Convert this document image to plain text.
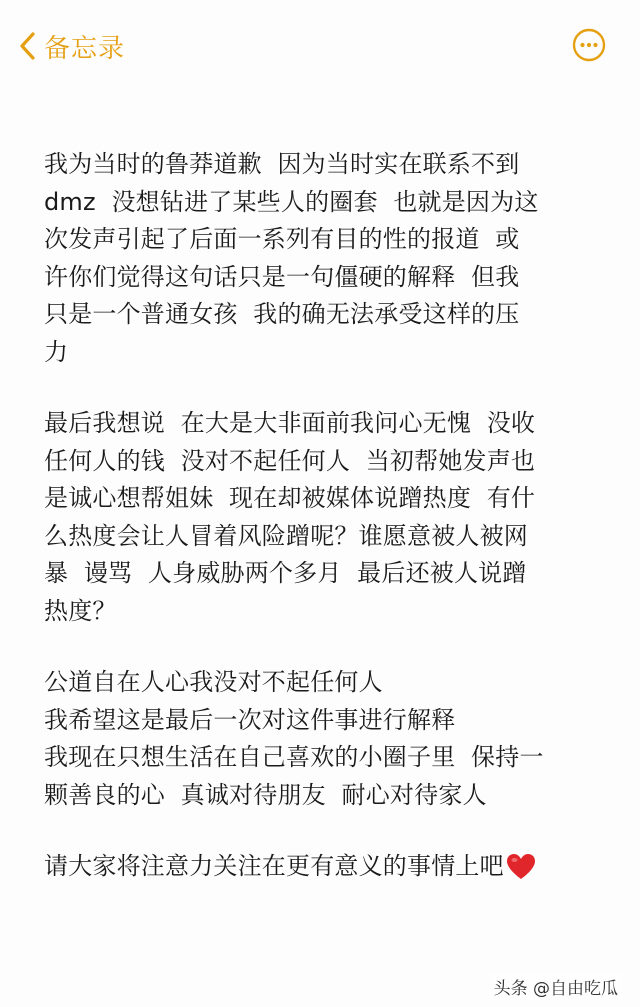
备忘录
我为当时的鲁莽道歉  因为当时实在联系不到
dmz  没想钻进了某些人的圈套  也就是因为这
次发声引起了后面一系列有目的性的报道  或
许你们觉得这句话只是一句僵硬的解释  但我
只是一个普通女孩  我的确无法承受这样的压
力
最后我想说  在大是大非面前我问心无愧  没收
任何人的钱  没对不起任何人  当初帮她发声也
是诚心想帮姐妹  现在却被媒体说蹭热度  有什
么热度会让人冒着风险蹭呢？谁愿意被人被网
暴  谩骂  人身威胁两个多月  最后还被人说蹭
热度？
公道自在人心我没对不起任何人
我希望这是最后一次对这件事进行解释
我现在只想生活在自己喜欢的小圈子里  保持一
颗善良的心  真诚对待朋友  耐心对待家人
请大家将注意力关注在更有意义的事情上吧
头条 @自由吃瓜
